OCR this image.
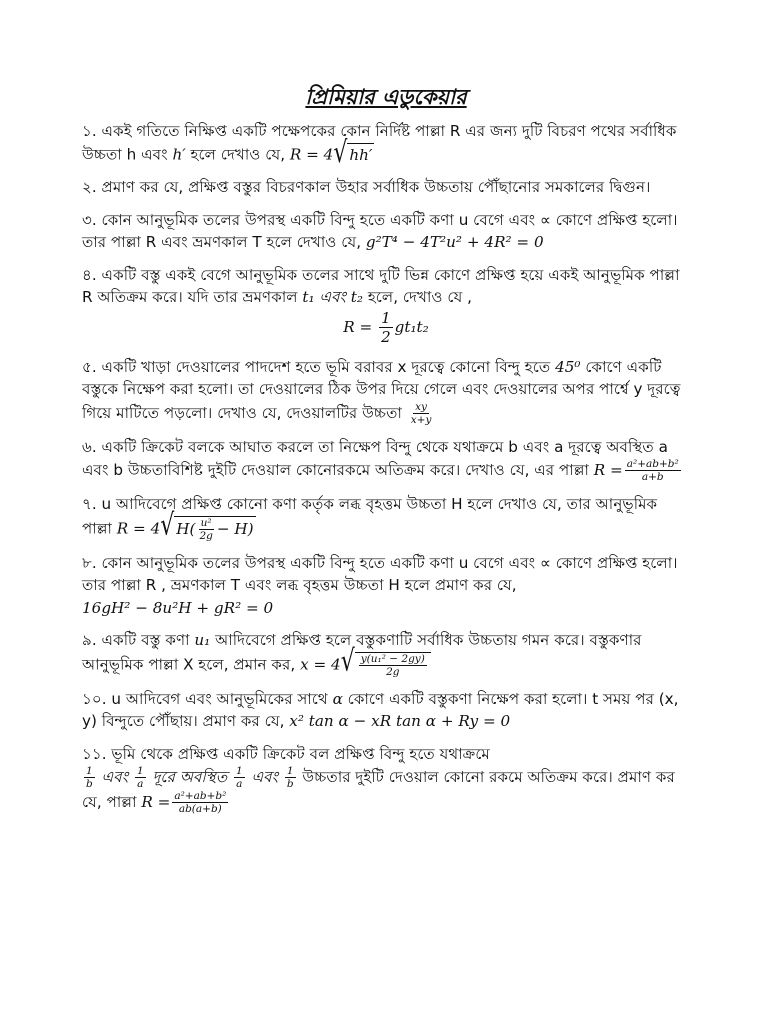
প্রিমিয়ার এডুকেয়ার

১. একই গতিতে নিক্ষিপ্ত একটি পক্ষেপকের কোন নির্দিষ্ট পাল্লা R এর জন্য দুটি বিচরণ পথের সর্বাধিক উচ্চতা h এবং h′ হলে দেখাও যে, R = 4 √ hh′

২. প্রমাণ কর যে, প্রক্ষিপ্ত বস্তুর বিচরণকাল উহার সর্বাধিক উচ্চতায় পৌঁছানোর সমকালের দ্বিগুন।

৩. কোন আনুভূমিক তলের উপরস্থ একটি বিন্দু হতে একটি কণা u বেগে এবং ∝ কোণে প্রক্ষিপ্ত হলো। তার পাল্লা R এবং ভ্রমণকাল T হলে দেখাও যে, g²T⁴ − 4T²u² + 4R² = 0

৪. একটি বস্তু একই বেগে আনুভূমিক তলের সাথে দুটি ভিন্ন কোণে প্রক্ষিপ্ত হয়ে একই আনুভূমিক পাল্লা R অতিক্রম করে। যদি তার ভ্রমণকাল t₁ এবং t₂ হলে, দেখাও যে ,

$R = \frac{1}{2} gt_1t_2$

৫. একটি খাড়া দেওয়ালের পাদদেশ হতে ভূমি বরাবর x দূরত্বে কোনো বিন্দু হতে 45⁰ কোণে একটি বস্তুকে নিক্ষেপ করা হলো। তা দেওয়ালের ঠিক উপর দিয়ে গেলে এবং দেওয়ালের অপর পার্শ্বে y দূরত্বে গিয়ে মাটিতে পড়লো। দেখাও যে, দেওয়ালটির উচ্চতা $\frac{xy}{x+y}$

৬. একটি ক্রিকেট বলকে আঘাত করলে তা নিক্ষেপ বিন্দু থেকে যথাক্রমে b এবং a দূরত্বে অবস্থিত a এবং b উচ্চতাবিশিষ্ট দুইটি দেওয়াল কোনোরকমে অতিক্রম করে। দেখাও যে, এর পাল্লা $R = \frac{\text{a²+ab+b²}}{a+b}$

৭. u আদিবেগে প্রক্ষিপ্ত কোনো কণা কর্তৃক লব্ধ বৃহত্তম উচ্চতা H হলে দেখাও যে, তার আনুভূমিক পাল্লা R = 4 √ H ( $\frac{\text{u²}}{2g} - H$ )

৮. কোন আনুভূমিক তলের উপরস্থ একটি বিন্দু হতে একটি কণা u বেগে এবং ∝ কোণে প্রক্ষিপ্ত হলো। তার পাল্লা R , ভ্রমণকাল T এবং লব্ধ বৃহত্তম উচ্চতা H হলে প্রমাণ কর যে,

16gH² − 8u²H + gR² = 0

৯. একটি বস্তু কণা u₁ আদিবেগে প্রক্ষিপ্ত হলে বস্তুকণাটি সর্বাধিক উচ্চতায় গমন করে। বস্তুকণার আনুভূমিক পাল্লা X হলে, প্রমান কর, x = 4 √ $\frac{\text{y(u₁² − 2gy)}}{2g}$

১০. u আদিবেগ এবং আনুভূমিকের সাথে α কোণে একটি বস্তুকণা নিক্ষেপ করা হলো। t সময় পর (x, y) বিন্দুতে পৌঁছায়। প্রমাণ কর যে, x² tan α − xR tan α + Ry = 0

১১. ভূমি থেকে প্রক্ষিপ্ত একটি ক্রিকেট বল প্রক্ষিপ্ত বিন্দু হতে যথাক্রমে

$\frac{1}{b}$ এবং $\frac{1}{a}$ দূরে অবস্থিত $\frac{1}{a}$ এবং $\frac{1}{b}$ উচ্চতার দুইটি দেওয়াল কোনো রকমে অতিক্রম করে। প্রমাণ কর যে, পাল্লা $R = \frac{\text{a²+ab+b²}}{ab(a+b)}$
